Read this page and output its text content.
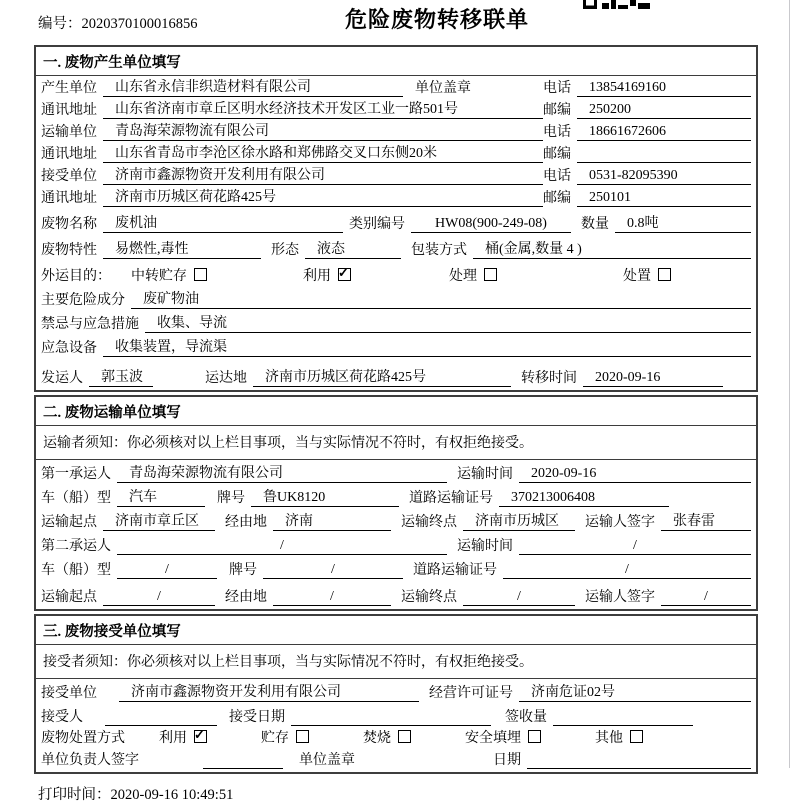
编号：2020370100016856	危险废物转移联单
一. 废物产生单位填写
产生单位	山东省永信非织造材料有限公司	单位盖章	电话	13854169160
通讯地址	山东省济南市章丘区明水经济技术开发区工业一路501号	邮编	250200
运输单位	青岛海荣源物流有限公司	电话	18661672606
通讯地址	山东省青岛市李沧区徐水路和郑佛路交叉口东侧20米	邮编
接受单位	济南市鑫源物资开发利用有限公司	电话	0531-82095390
通讯地址	济南市历城区荷花路425号	邮编	250101
废物名称	废机油	类别编号	HW08(900-249-08)	数量	0.8吨
废物特性	易燃性,毒性	形态	液态	包装方式	桶(金属,数量 4 )
外运目的：	中转贮存	利用 ✓	处理	处置
主要危险成分	废矿物油
禁忌与应急措施	收集、导流
应急设备	收集装置，导流渠
发运人	郭玉波	运达地	济南市历城区荷花路425号	转移时间	2020-09-16
二. 废物运输单位填写
运输者须知：你必须核对以上栏目事项，当与实际情况不符时，有权拒绝接受。
第一承运人	青岛海荣源物流有限公司	运输时间	2020-09-16
车（船）型	汽车	牌号	鲁UK8120	道路运输证号	370213006408
运输起点	济南市章丘区	经由地	济南	运输终点	济南市历城区	运输人签字	张春雷
第二承运人	/	运输时间	/
车（船）型	/	牌号	/	道路运输证号	/
运输起点	/	经由地	/	运输终点	/	运输人签字	/
三. 废物接受单位填写
接受者须知：你必须核对以上栏目事项，当与实际情况不符时，有权拒绝接受。
接受单位	济南市鑫源物资开发利用有限公司	经营许可证号	济南危证02号
接受人	接受日期	签收量
废物处置方式	利用 ✓	贮存	焚烧	安全填埋	其他
单位负责人签字	单位盖章	日期
打印时间：2020-09-16 10:49:51
